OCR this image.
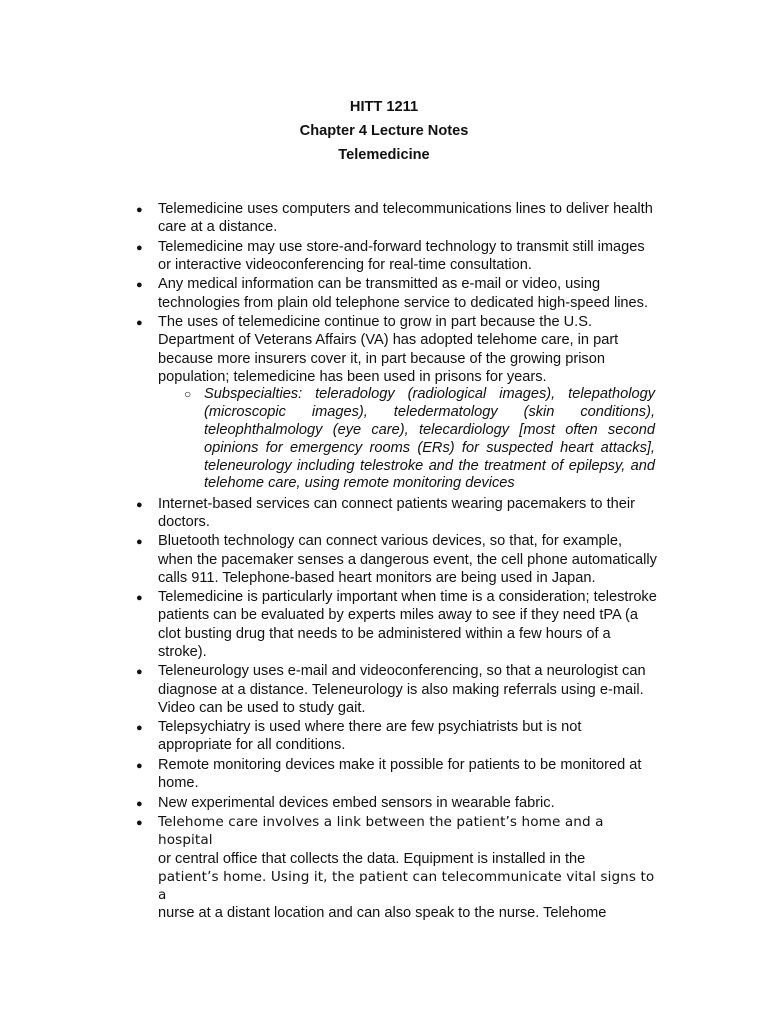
HITT 1211
Chapter 4 Lecture Notes
Telemedicine
● Telemedicine uses computers and telecommunications lines to deliver health care at a distance.
● Telemedicine may use store-and-forward technology to transmit still images or interactive videoconferencing for real-time consultation.
● Any medical information can be transmitted as e-mail or video, using technologies from plain old telephone service to dedicated high-speed lines.
● The uses of telemedicine continue to grow in part because the U.S. Department of Veterans Affairs (VA) has adopted telehome care, in part because more insurers cover it, in part because of the growing prison population; telemedicine has been used in prisons for years.
○ Subspecialties: teleradology (radiological images), telepathology (microscopic images), teledermatology (skin conditions), teleophthalmology (eye care), telecardiology [most often second opinions for emergency rooms (ERs) for suspected heart attacks], teleneurology including telestroke and the treatment of epilepsy, and telehome care, using remote monitoring devices
● Internet-based services can connect patients wearing pacemakers to their doctors.
● Bluetooth technology can connect various devices, so that, for example, when the pacemaker senses a dangerous event, the cell phone automatically calls 911. Telephone-based heart monitors are being used in Japan.
● Telemedicine is particularly important when time is a consideration; telestroke patients can be evaluated by experts miles away to see if they need tPA (a clot busting drug that needs to be administered within a few hours of a stroke).
● Teleneurology uses e-mail and videoconferencing, so that a neurologist can diagnose at a distance. Teleneurology is also making referrals using e-mail. Video can be used to study gait.
● Telepsychiatry is used where there are few psychiatrists but is not appropriate for all conditions.
● Remote monitoring devices make it possible for patients to be monitored at home.
● New experimental devices embed sensors in wearable fabric.
● Telehome care involves a link between the patient’s home and a hospital
or central office that collects the data. Equipment is installed in the
patient’s home. Using it, the patient can telecommunicate vital signs to a
nurse at a distant location and can also speak to the nurse. Telehome
